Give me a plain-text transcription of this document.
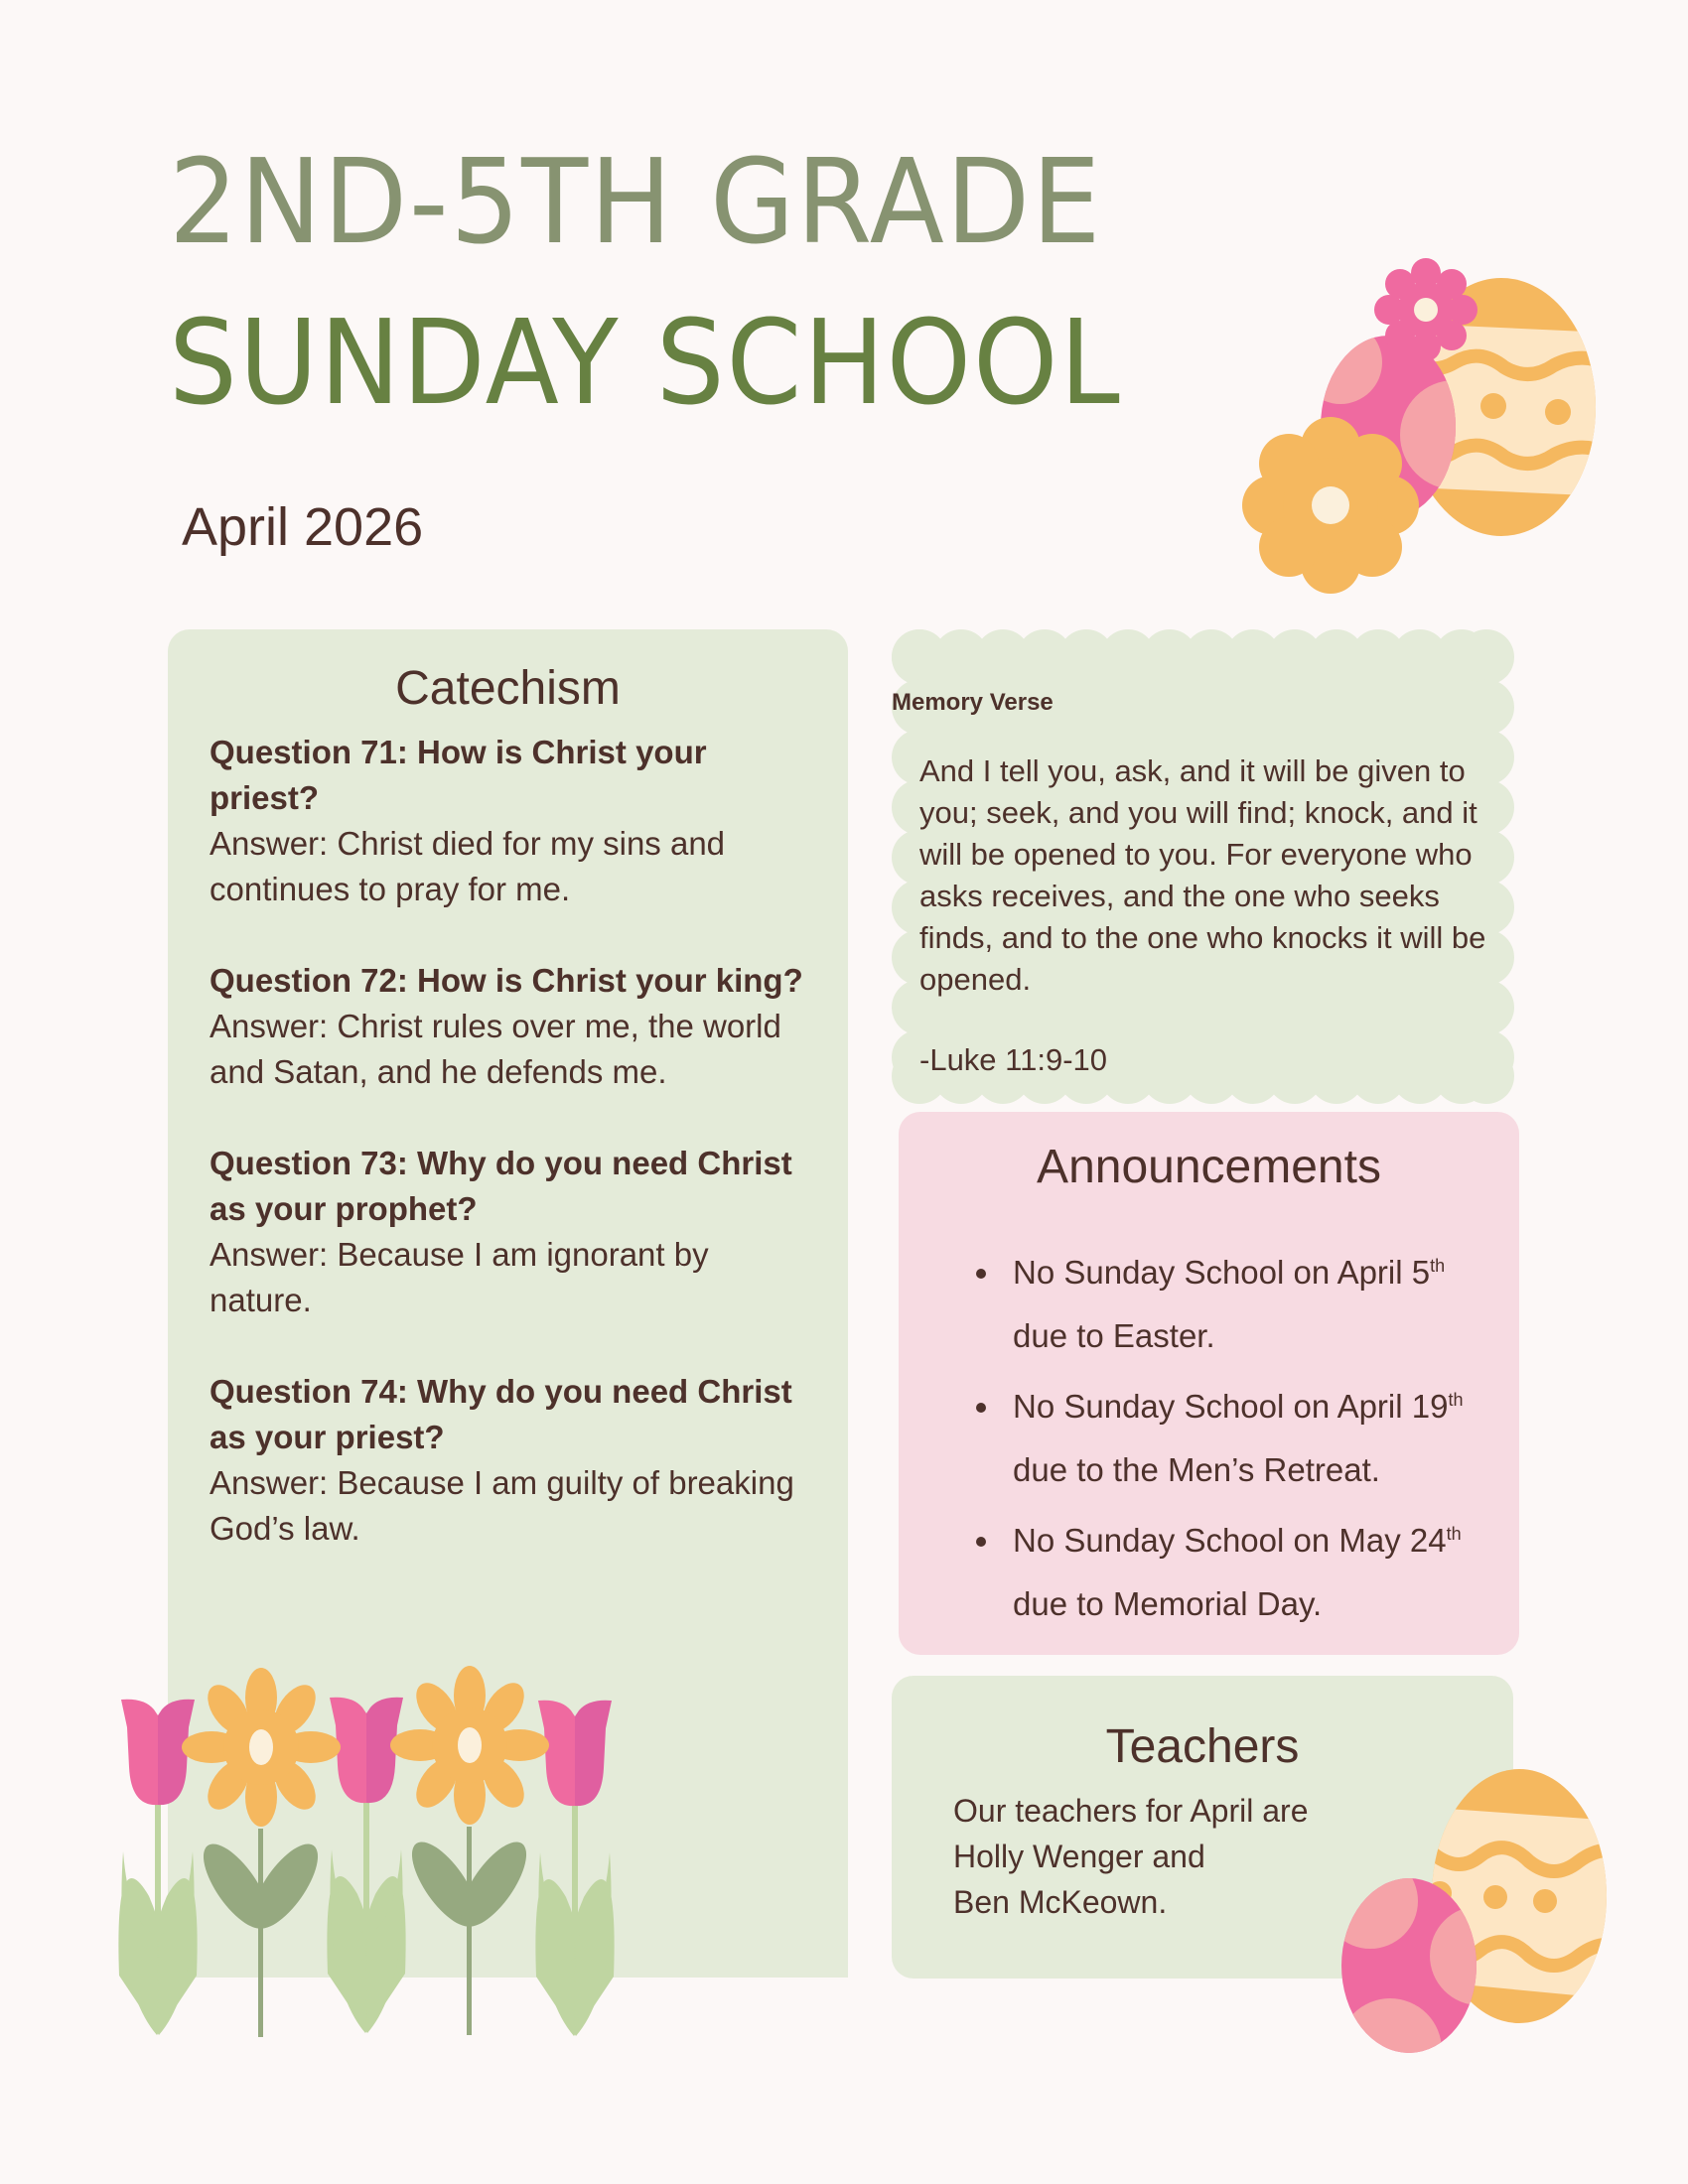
2ND-5TH GRADE
SUNDAY SCHOOL
April 2026
Catechism
Question 71: How is Christ your priest?
Answer: Christ died for my sins and continues to pray for me.
Question 72: How is Christ your king?
Answer: Christ rules over me, the world and Satan, and he defends me.
Question 73: Why do you need Christ as your prophet?
Answer: Because I am ignorant by nature.
Question 74: Why do you need Christ as your priest?
Answer: Because I am guilty of breaking God’s law.
Memory Verse
And I tell you, ask, and it will be given to you; seek, and you will find; knock, and it will be opened to you. For everyone who asks receives, and the one who seeks finds, and to the one who knocks it will be opened.
-Luke 11:9-10
Announcements
• No Sunday School on April 5th due to Easter.
• No Sunday School on April 19th due to the Men’s Retreat.
• No Sunday School on May 24th due to Memorial Day.
Teachers

Our teachers for April are
Holly Wenger and
Ben McKeown.
